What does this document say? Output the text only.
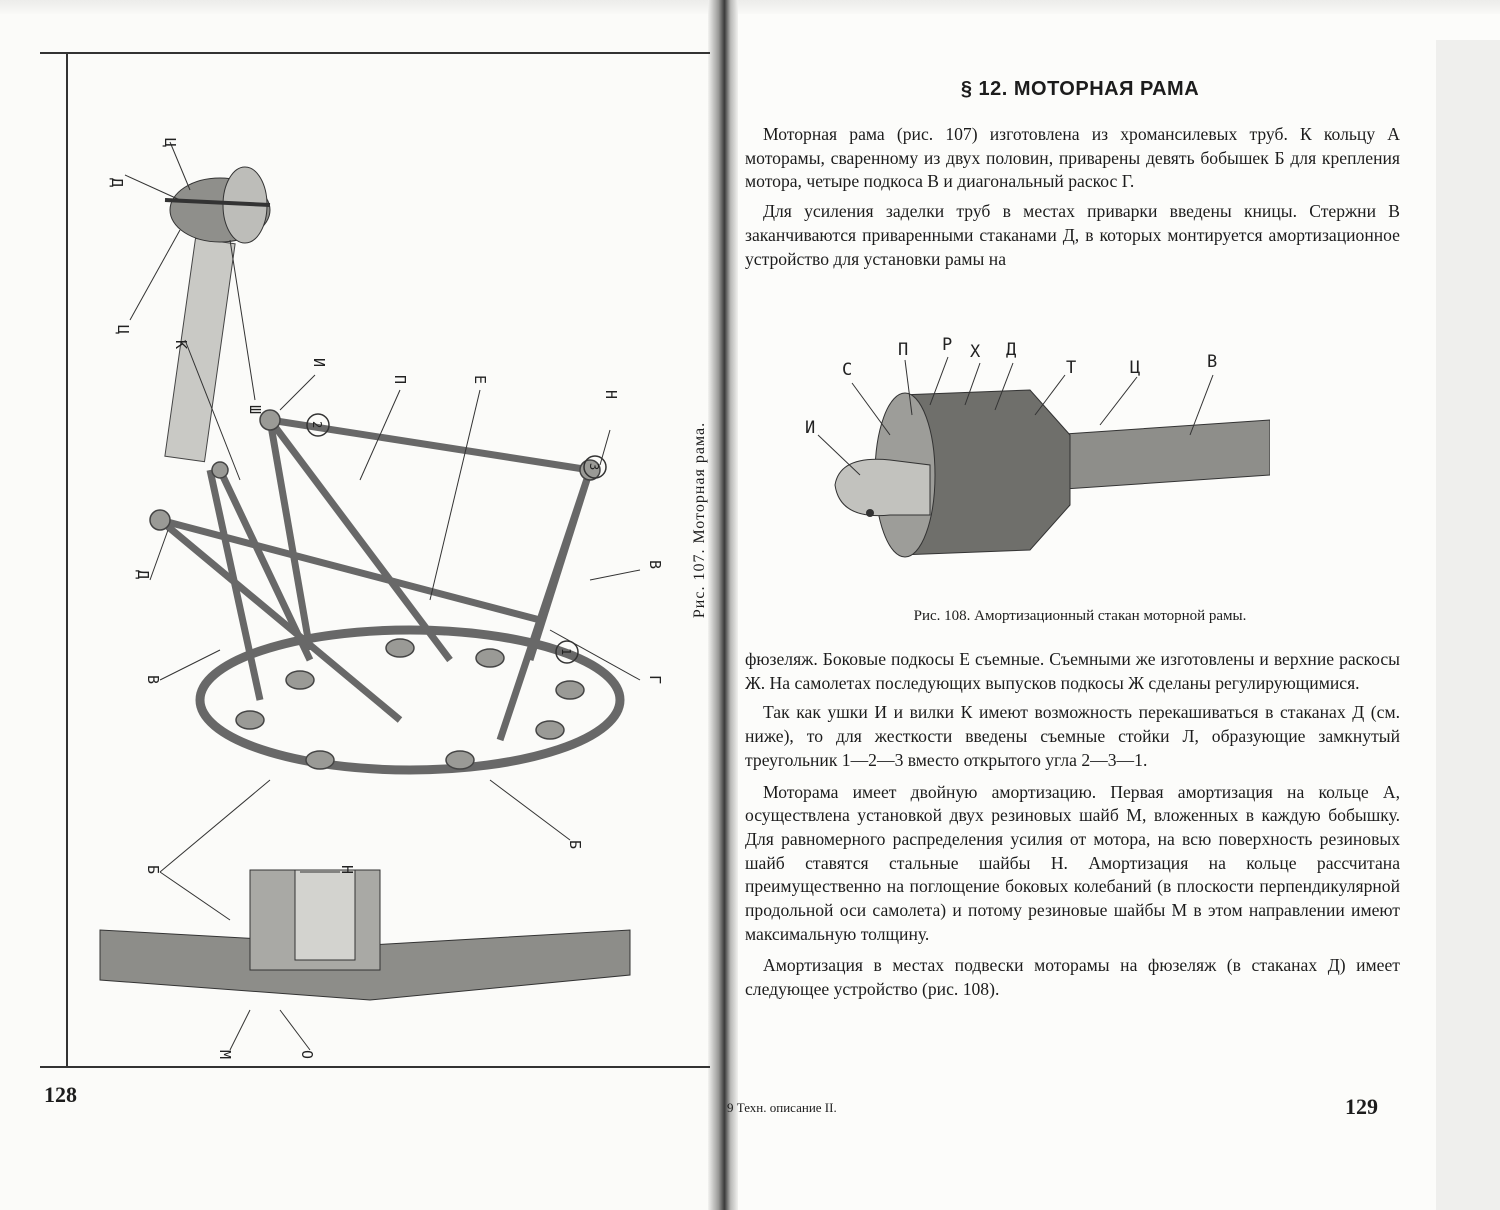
Ц
Д
Ц
Ш
И
П	Е
Н
К
2
3
Д
В
Г
1
В
Б
Б	Н
М	О
Рис. 107. Моторная рама.
128
§ 12. МОТОРНАЯ РАМА

Моторная рама (рис. 107) изготовлена из хромансилевых труб. К кольцу А моторамы, сваренному из двух половин, приварены девять бобышек Б для крепления мотора, четыре подкоса В и диагональный раскос Г.

Для усиления заделки труб в местах приварки введены кницы. Стержни В заканчиваются приваренными стаканами Д, в которых монтируется амортизационное устройство для установки рамы на

С
П Р Х Д
Т	Ц	В
И
Рис. 108. Амортизационный стакан моторной рамы.

фюзеляж. Боковые подкосы Е съемные. Съемными же изготовлены и верхние раскосы Ж. На самолетах последующих выпусков подкосы Ж сделаны регулирующимися.

Так как ушки И и вилки К имеют возможность перекашиваться в стаканах Д (см. ниже), то для жесткости введены съемные стойки Л, образующие замкнутый треугольник 1—2—3 вместо открытого угла 2—3—1.

Моторама имеет двойную амортизацию. Первая амортизация на кольце А, осуществлена установкой двух резиновых шайб М, вложенных в каждую бобышку. Для равномерного распределения усилия от мотора, на всю поверхность резиновых шайб ставятся стальные шайбы Н. Амортизация на кольце рассчитана преимущественно на поглощение боковых колебаний (в плоскости перпендикулярной продольной оси самолета) и потому резиновые шайбы М в этом направлении имеют максимальную толщину.

Амортизация в местах подвески моторамы на фюзеляж (в стаканах Д) имеет следующее устройство (рис. 108).

9 Техн. описание II.	129
